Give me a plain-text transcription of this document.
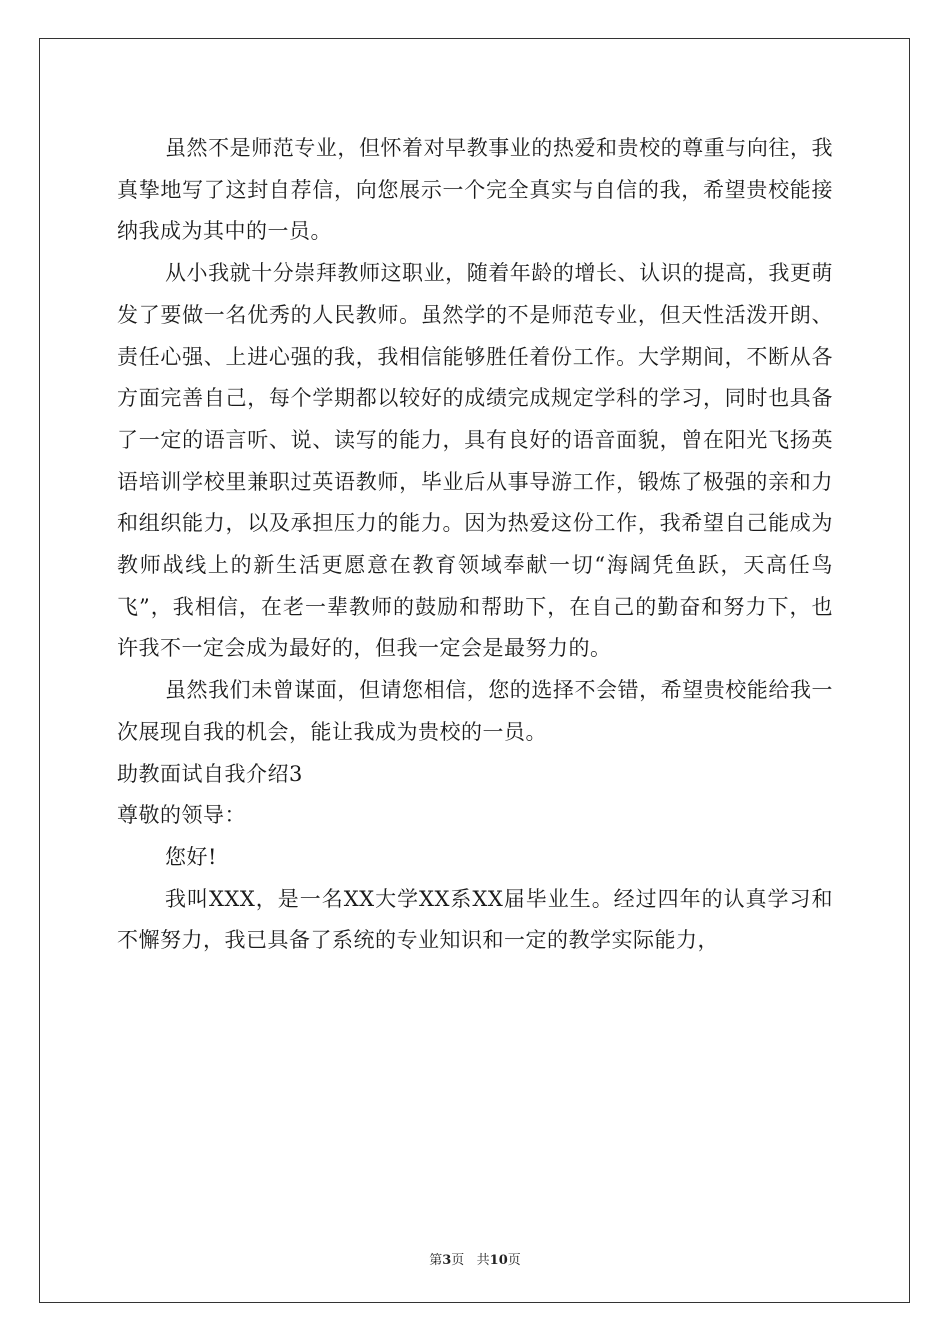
虽然不是师范专业，但怀着对早教事业的热爱和贵校的尊重与向往，我真挚地写了这封自荐信，向您展示一个完全真实与自信的我，希望贵校能接纳我成为其中的一员。

从小我就十分崇拜教师这职业，随着年龄的增长、认识的提高，我更萌发了要做一名优秀的人民教师。虽然学的不是师范专业，但天性活泼开朗、责任心强、上进心强的我，我相信能够胜任着份工作。大学期间，不断从各方面完善自己，每个学期都以较好的成绩完成规定学科的学习，同时也具备了一定的语言听、说、读写的能力，具有良好的语音面貌，曾在阳光飞扬英语培训学校里兼职过英语教师，毕业后从事导游工作，锻炼了极强的亲和力和组织能力，以及承担压力的能力。因为热爱这份工作，我希望自己能成为教师战线上的新生活更愿意在教育领域奉献一切“海阔凭鱼跃，天高任鸟飞”，我相信，在老一辈教师的鼓励和帮助下，在自己的勤奋和努力下，也许我不一定会成为最好的，但我一定会是最努力的。

虽然我们未曾谋面，但请您相信，您的选择不会错，希望贵校能给我一次展现自我的机会，能让我成为贵校的一员。

助教面试自我介绍3

尊敬的领导：

您好!

我叫XXX，是一名XX大学XX系XX届毕业生。经过四年的认真学习和不懈努力，我已具备了系统的专业知识和一定的教学实际能力，

第3页   共10页
